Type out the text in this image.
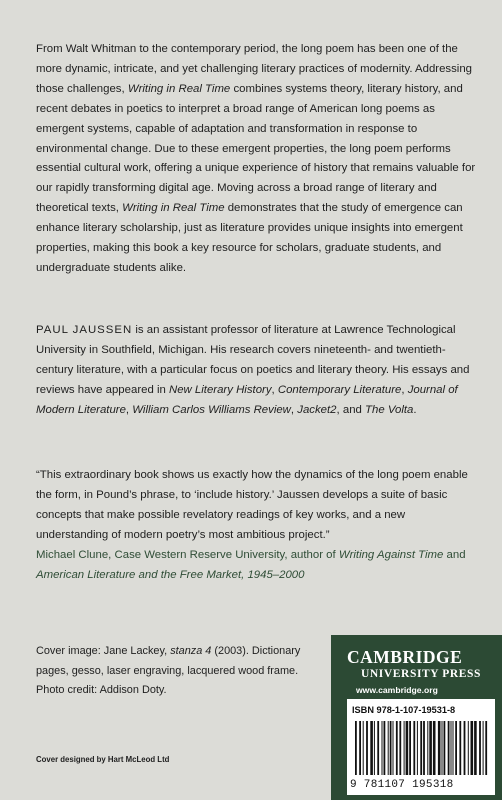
From Walt Whitman to the contemporary period, the long poem has been one of the more dynamic, intricate, and yet challenging literary practices of modernity. Addressing those challenges, Writing in Real Time combines systems theory, literary history, and recent debates in poetics to interpret a broad range of American long poems as emergent systems, capable of adaptation and transformation in response to environmental change. Due to these emergent properties, the long poem performs essential cultural work, offering a unique experience of history that remains valuable for our rapidly transforming digital age. Moving across a broad range of literary and theoretical texts, Writing in Real Time demonstrates that the study of emergence can enhance literary scholarship, just as literature provides unique insights into emergent properties, making this book a key resource for scholars, graduate students, and undergraduate students alike.

PAUL JAUSSEN is an assistant professor of literature at Lawrence Technological University in Southfield, Michigan. His research covers nineteenth- and twentieth-century literature, with a particular focus on poetics and literary theory. His essays and reviews have appeared in New Literary History, Contemporary Literature, Journal of Modern Literature, William Carlos Williams Review, Jacket2, and The Volta.

“This extraordinary book shows us exactly how the dynamics of the long poem enable the form, in Pound’s phrase, to ‘include history.’ Jaussen develops a suite of basic concepts that make possible revelatory readings of key works, and a new understanding of modern poetry’s most ambitious project.”
Michael Clune, Case Western Reserve University, author of Writing Against Time and American Literature and the Free Market, 1945–2000

Cover image: Jane Lackey, stanza 4 (2003). Dictionary pages, gesso, laser engraving, lacquered wood frame. Photo credit: Addison Doty.
Cover designed by Hart McLeod Ltd
CAMBRIDGE
UNIVERSITY PRESS
www.cambridge.org
ISBN 978-1-107-19531-8
9 781107 195318
